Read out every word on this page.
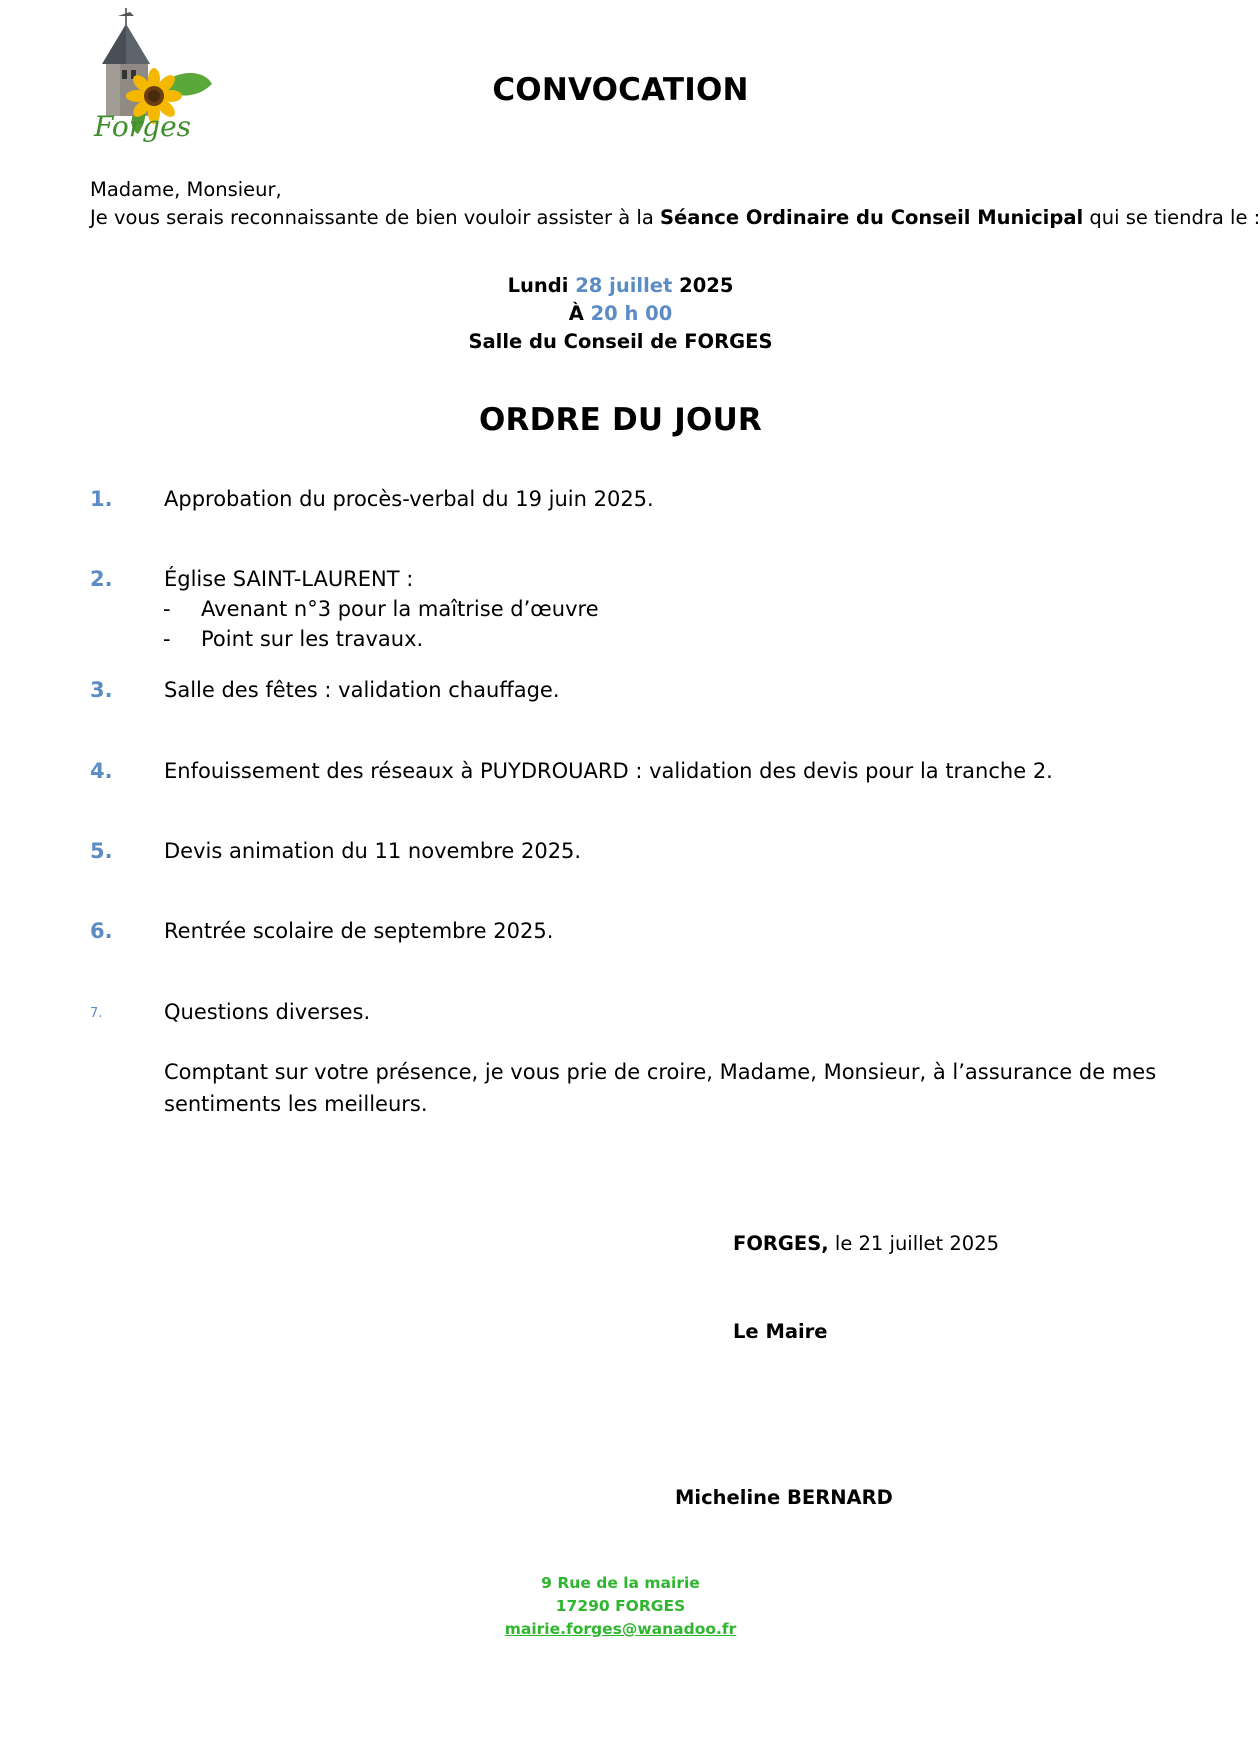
Forges
CONVOCATION
Madame, Monsieur,
Je vous serais reconnaissante de bien vouloir assister à la Séance Ordinaire du Conseil Municipal qui se tiendra le :
Lundi 28 juillet 2025
À 20 h 00
Salle du Conseil de FORGES
ORDRE DU JOUR
1. Approbation du procès-verbal du 19 juin 2025.
2. Église SAINT-LAURENT :
- Avenant n°3 pour la maîtrise d’œuvre
- Point sur les travaux.
3. Salle des fêtes : validation chauffage.
4. Enfouissement des réseaux à PUYDROUARD : validation des devis pour la tranche 2.
5. Devis animation du 11 novembre 2025.
6. Rentrée scolaire de septembre 2025.
7.	Questions diverses.
Comptant sur votre présence, je vous prie de croire, Madame, Monsieur, à l’assurance de mes sentiments les meilleurs.
FORGES, le 21 juillet 2025
Le Maire
Micheline BERNARD
9 Rue de la mairie
17290 FORGES
mairie.forges@wanadoo.fr
